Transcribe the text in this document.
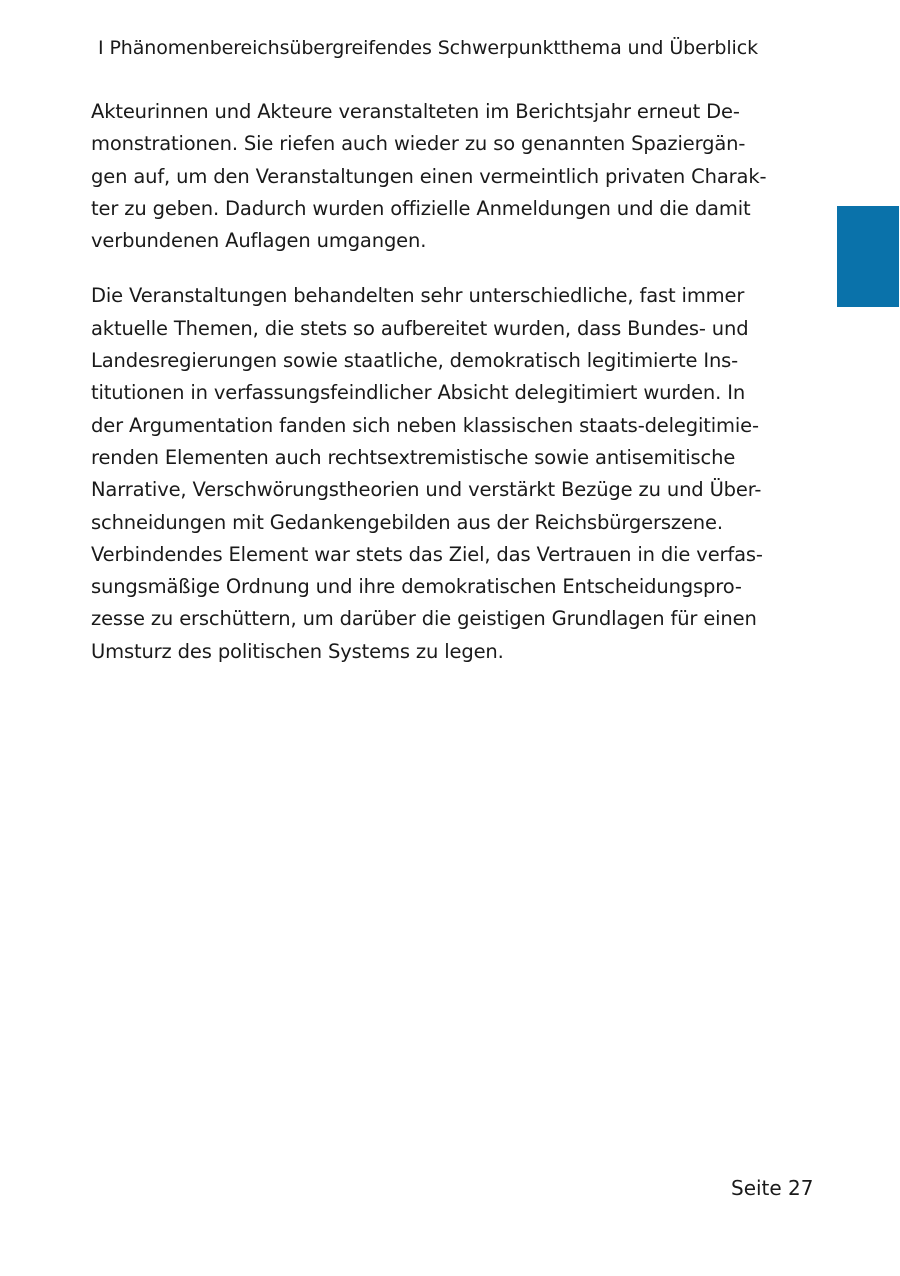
I Phänomenbereichsübergreifendes Schwerpunktthema und Überblick
Akteurinnen und Akteure veranstalteten im Berichtsjahr erneut De-
monstrationen. Sie riefen auch wieder zu so genannten Spaziergän-
gen auf, um den Veranstaltungen einen vermeintlich privaten Charak-
ter zu geben. Dadurch wurden offizielle Anmeldungen und die damit
verbundenen Auflagen umgangen.
Die Veranstaltungen behandelten sehr unterschiedliche, fast immer
aktuelle Themen, die stets so aufbereitet wurden, dass Bundes- und
Landesregierungen sowie staatliche, demokratisch legitimierte Ins-
titutionen in verfassungsfeindlicher Absicht delegitimiert wurden. In
der Argumentation fanden sich neben klassischen staats-delegitimie-
renden Elementen auch rechtsextremistische sowie antisemitische
Narrative, Verschwörungstheorien und verstärkt Bezüge zu und Über-
schneidungen mit Gedankengebilden aus der Reichsbürgerszene.
Verbindendes Element war stets das Ziel, das Vertrauen in die verfas-
sungsmäßige Ordnung und ihre demokratischen Entscheidungspro-
zesse zu erschüttern, um darüber die geistigen Grundlagen für einen
Umsturz des politischen Systems zu legen.
Seite 27
